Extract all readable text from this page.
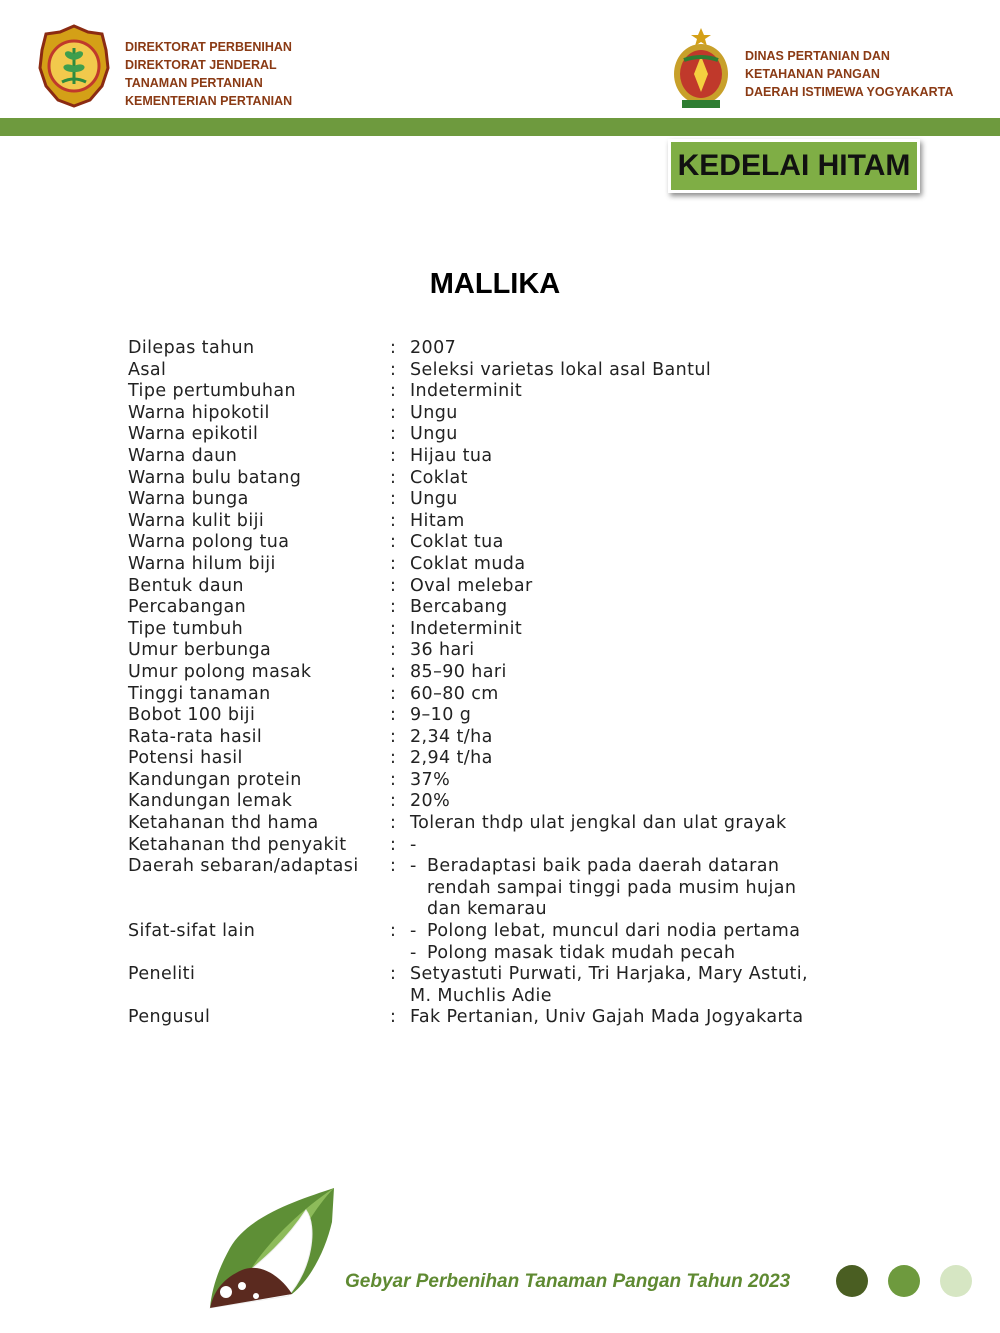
DIREKTORAT PERBENIHAN
DIREKTORAT JENDERAL
TANAMAN PERTANIAN
KEMENTERIAN PERTANIAN
DINAS PERTANIAN DAN
KETAHANAN PANGAN
DAERAH ISTIMEWA YOGYAKARTA
KEDELAI HITAM
MALLIKA
Dilepas tahun	: 2007
Asal	: Seleksi varietas lokal asal Bantul
Tipe pertumbuhan	: Indeterminit
Warna hipokotil	: Ungu
Warna epikotil	: Ungu
Warna daun	: Hijau tua
Warna bulu batang	: Coklat
Warna bunga	: Ungu
Warna kulit biji	: Hitam
Warna polong tua	: Coklat tua
Warna hilum biji	: Coklat muda
Bentuk daun	: Oval melebar
Percabangan	: Bercabang
Tipe tumbuh	: Indeterminit
Umur berbunga	: 36 hari
Umur polong masak	: 85–90 hari
Tinggi tanaman	: 60–80 cm
Bobot 100 biji	: 9–10 g
Rata-rata hasil	: 2,34 t/ha
Potensi hasil	: 2,94 t/ha
Kandungan protein	: 37%
Kandungan lemak	: 20%
Ketahanan thd hama	: Toleran thdp ulat jengkal dan ulat grayak
Ketahanan thd penyakit	: -
Daerah sebaran/adaptasi	: - Beradaptasi baik pada daerah dataran rendah sampai tinggi pada musim hujan dan kemarau
Sifat-sifat lain	: - Polong lebat, muncul dari nodia pertama
- Polong masak tidak mudah pecah
Peneliti	: Setyastuti Purwati, Tri Harjaka, Mary Astuti, M. Muchlis Adie
Pengusul	: Fak Pertanian, Univ Gajah Mada Jogyakarta
Gebyar Perbenihan Tanaman Pangan Tahun 2023
